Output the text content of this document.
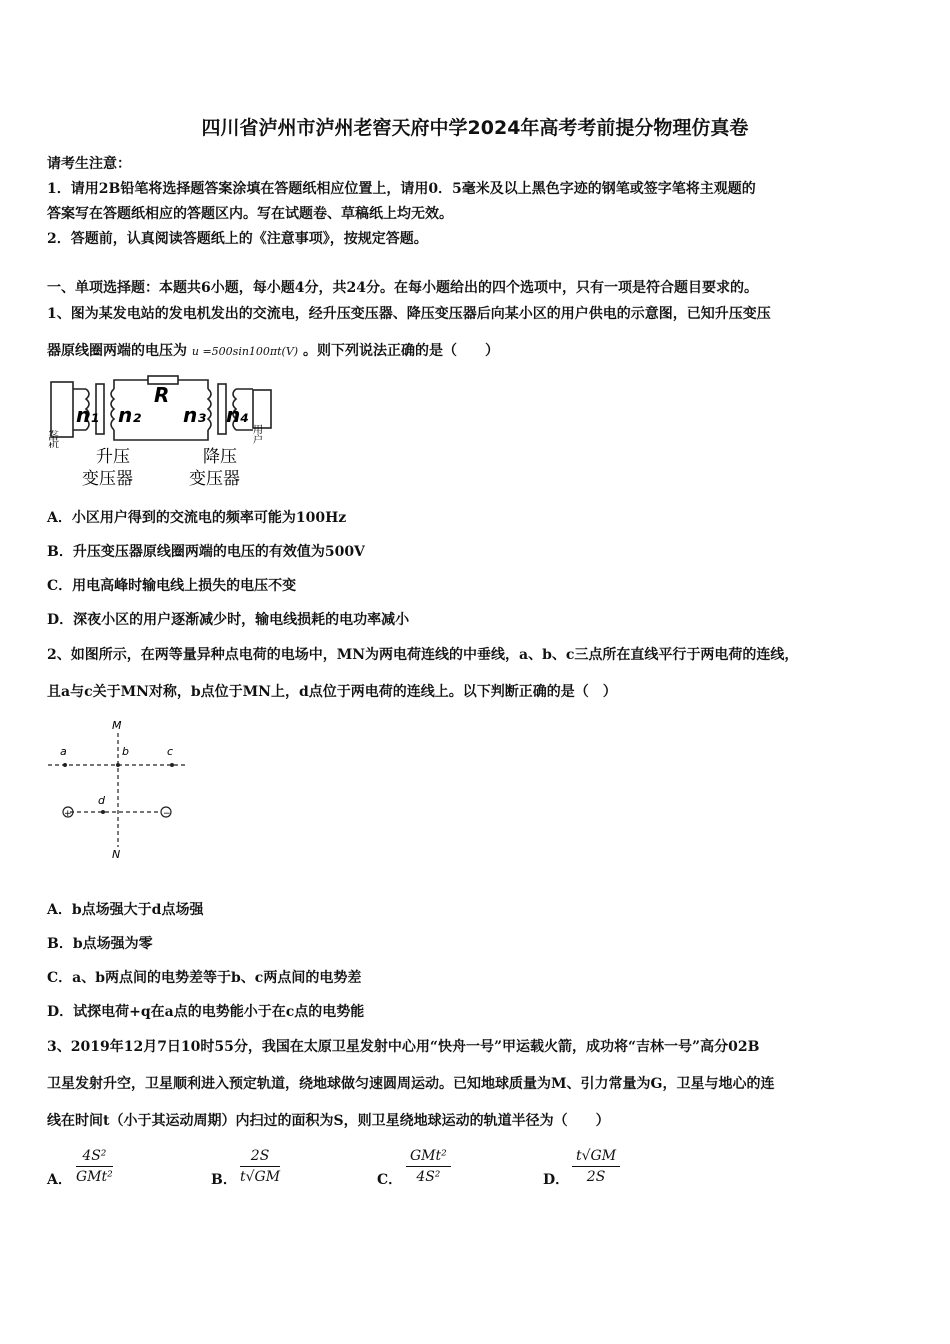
四川省泸州市泸州老窖天府中学2024年高考考前提分物理仿真卷
请考生注意：
1．请用2B铅笔将选择题答案涂填在答题纸相应位置上，请用0．5毫米及以上黑色字迹的钢笔或签字笔将主观题的
答案写在答题纸相应的答题区内。写在试题卷、草稿纸上均无效。
2．答题前，认真阅读答题纸上的《注意事项》，按规定答题。
一、单项选择题：本题共6小题，每小题4分，共24分。在每小题给出的四个选项中，只有一项是符合题目要求的。
1、图为某发电站的发电机发出的交流电，经升压变压器、降压变压器后向某小区的用户供电的示意图，已知升压变压
器原线圈两端的电压为 u =500sin100πt(V) 。则下列说法正确的是（　　）
发电机	用户
n₁ n₂ n₃ n₄
R
升压
变压器
降压
变压器
A．小区用户得到的交流电的频率可能为100Hz
B．升压变压器原线圈两端的电压的有效值为500V
C．用电高峰时输电线上损失的电压不变
D．深夜小区的用户逐渐减少时，输电线损耗的电功率减小
2、如图所示，在两等量异种点电荷的电场中，MN为两电荷连线的中垂线，a、b、c三点所在直线平行于两电荷的连线，
且a与c关于MN对称，b点位于MN上，d点位于两电荷的连线上。以下判断正确的是（　）
M
N
a	b	c
d
+	−
A．b点场强大于d点场强
B．b点场强为零
C．a、b两点间的电势差等于b、c两点间的电势差
D．试探电荷+q在a点的电势能小于在c点的电势能
3、2019年12月7日10时55分，我国在太原卫星发射中心用“快舟一号”甲运载火箭，成功将“吉林一号”高分02B
卫星发射升空，卫星顺利进入预定轨道，绕地球做匀速圆周运动。已知地球质量为M、引力常量为G，卫星与地心的连
线在时间t（小于其运动周期）内扫过的面积为S，则卫星绕地球运动的轨道半径为（　　）
A．
4S²
GMt²	B． $\frac{2S}{t√GM}$	C．
GMt²
4S²	D． $\frac{t√GM}{2S}$
